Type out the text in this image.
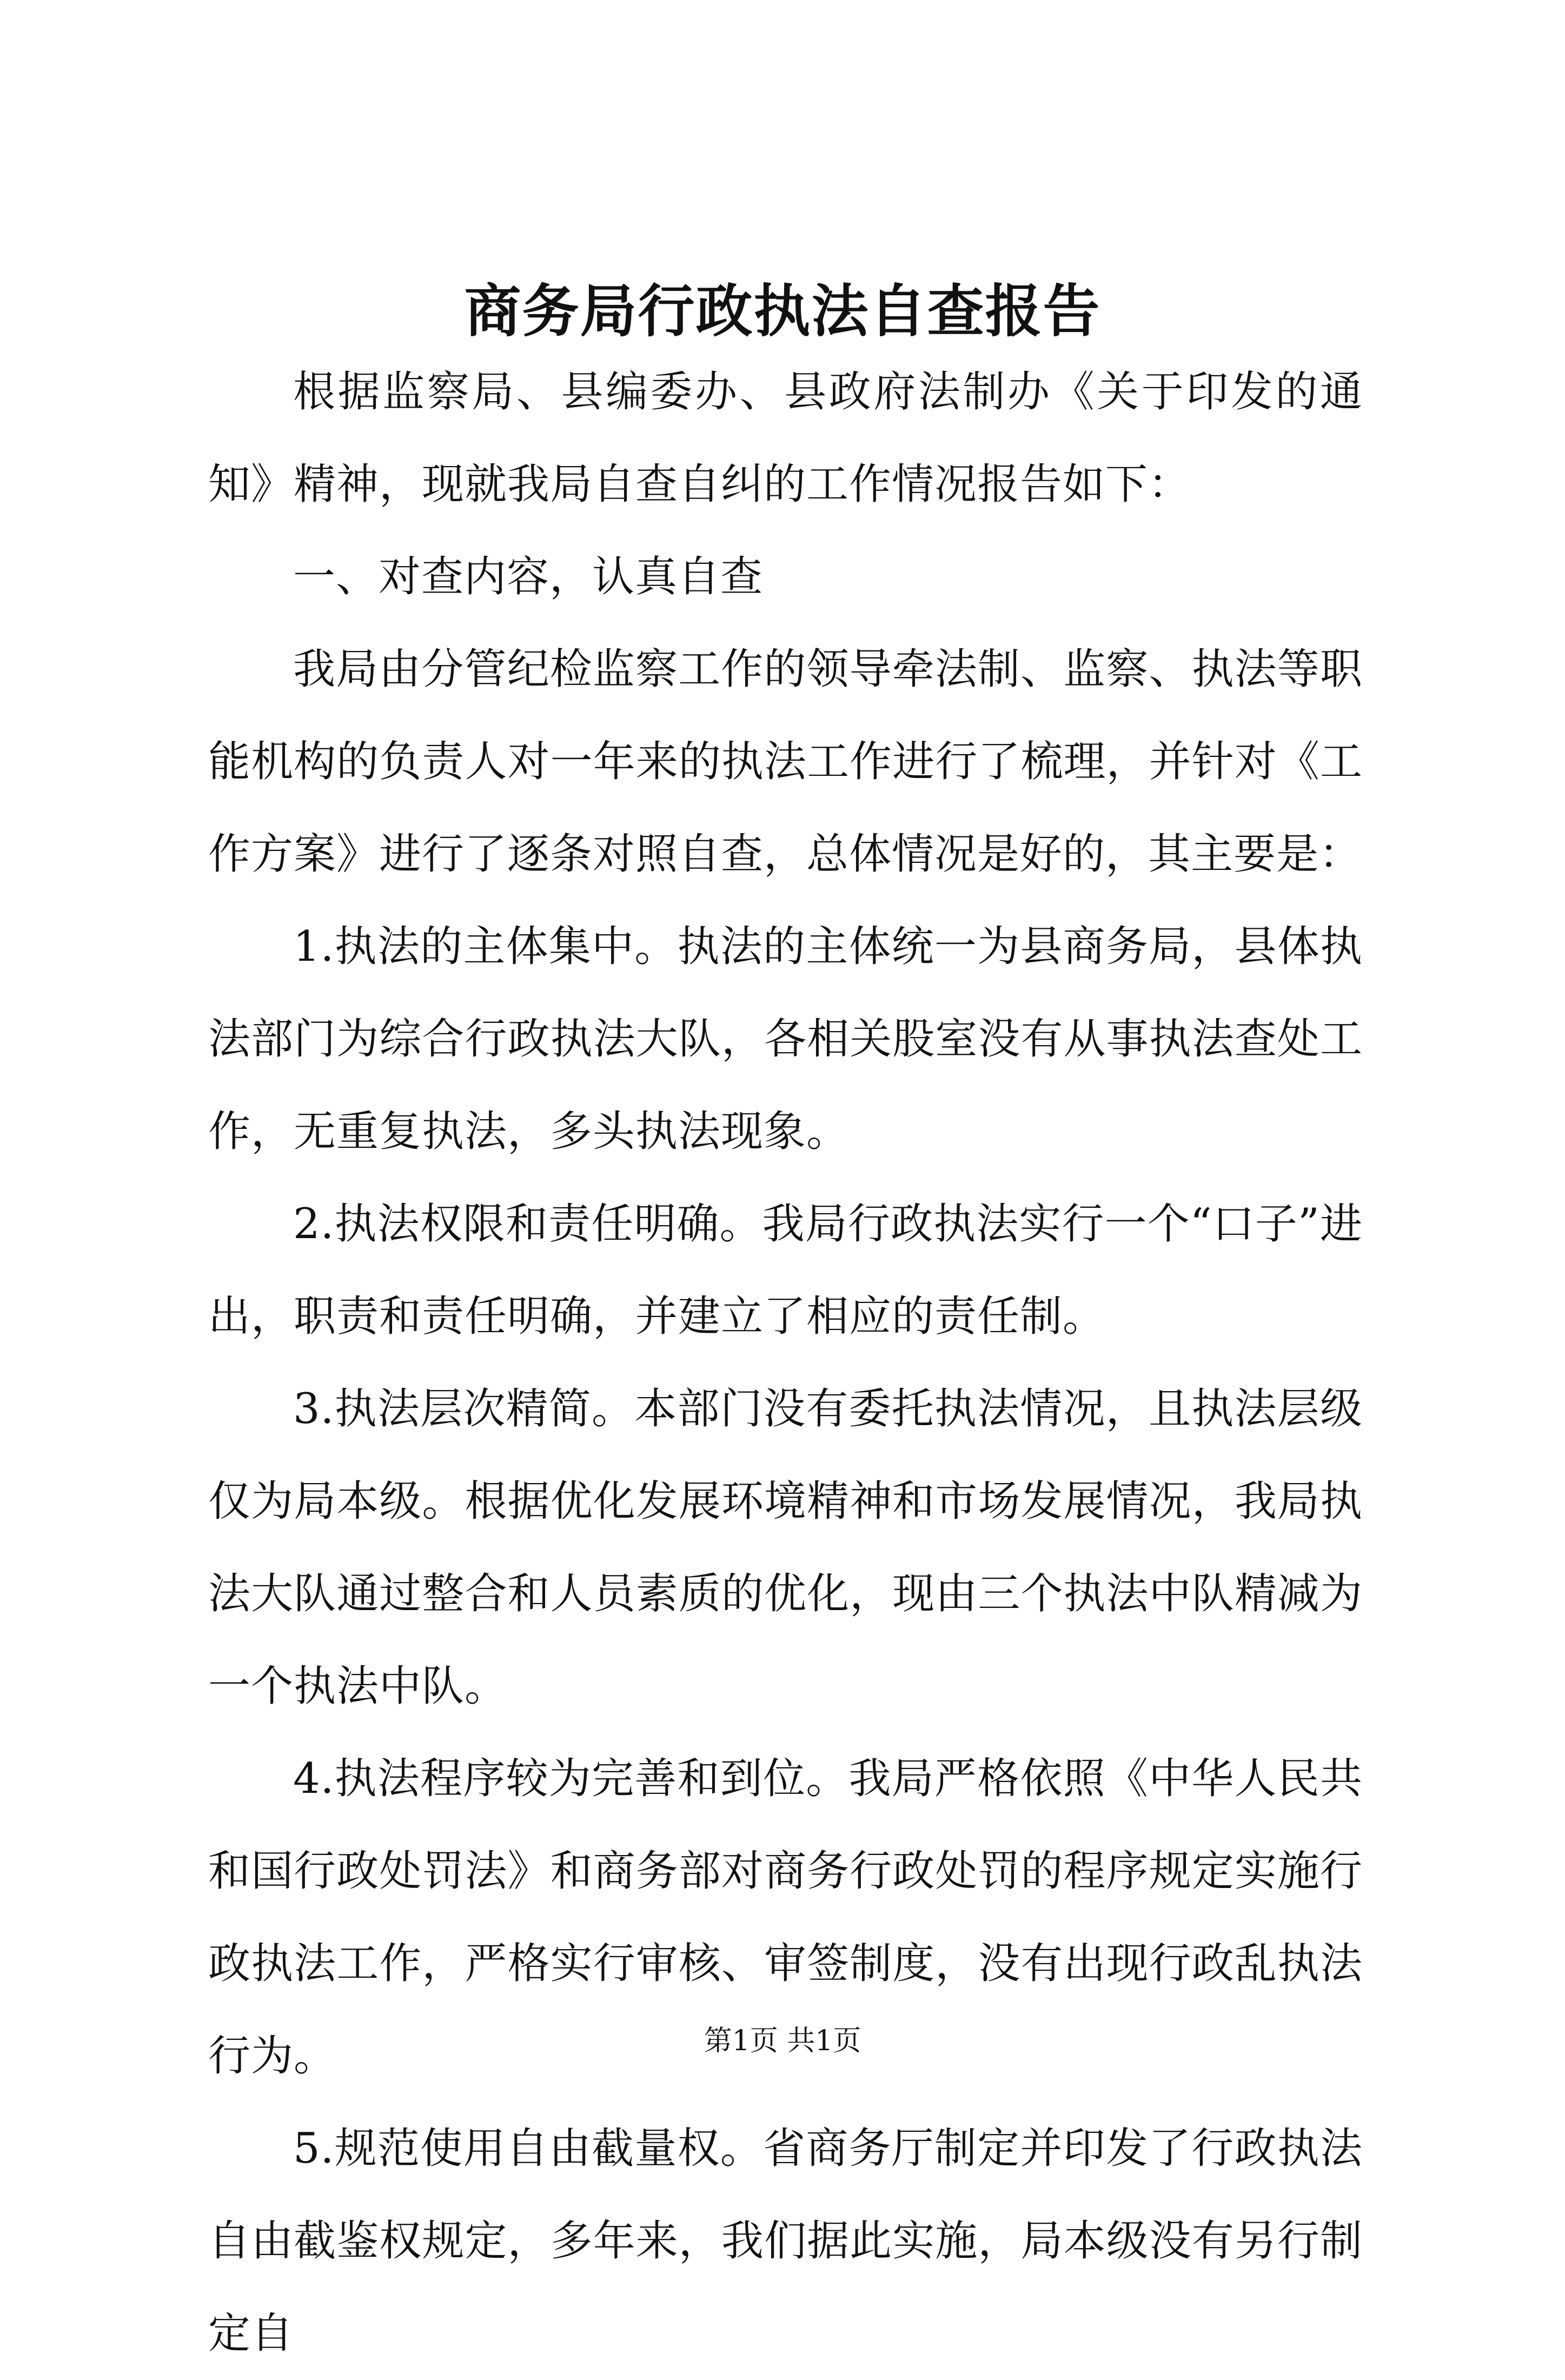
商务局行政执法自查报告

根据监察局、县编委办、县政府法制办《关于印发的通知》精神，现就我局自查自纠的工作情况报告如下：

一、对查内容，认真自查

我局由分管纪检监察工作的领导牵法制、监察、执法等职能机构的负责人对一年来的执法工作进行了梳理，并针对《工作方案》进行了逐条对照自查，总体情况是好的，其主要是：

1.执法的主体集中。执法的主体统一为县商务局，县体执法部门为综合行政执法大队，各相关股室没有从事执法查处工作，无重复执法，多头执法现象。

2.执法权限和责任明确。我局行政执法实行一个“口子”进出，职责和责任明确，并建立了相应的责任制。

3.执法层次精简。本部门没有委托执法情况，且执法层级仅为局本级。根据优化发展环境精神和市场发展情况，我局执法大队通过整合和人员素质的优化，现由三个执法中队精减为一个执法中队。

4.执法程序较为完善和到位。我局严格依照《中华人民共和国行政处罚法》和商务部对商务行政处罚的程序规定实施行政执法工作，严格实行审核、审签制度，没有出现行政乱执法行为。

5.规范使用自由截量权。省商务厅制定并印发了行政执法自由截鉴权规定，多年来，我们据此实施，局本级没有另行制定自

第1页 共1页
